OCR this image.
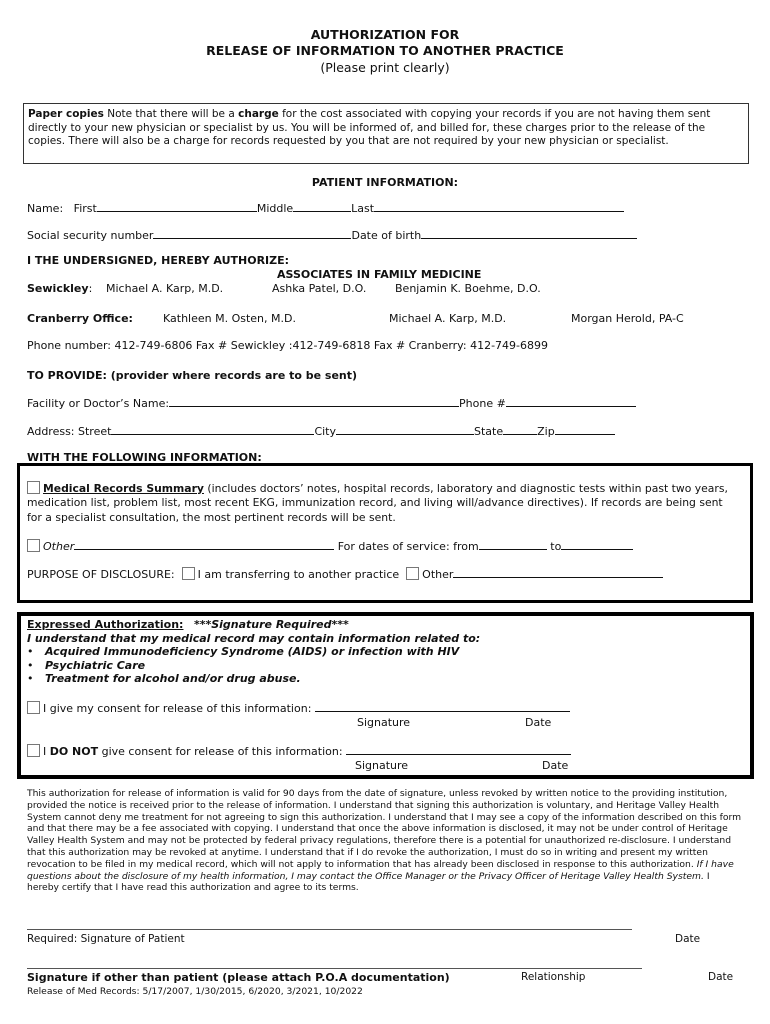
AUTHORIZATION FOR
RELEASE OF INFORMATION TO ANOTHER PRACTICE
(Please print clearly)
Paper copies Note that there will be a charge for the cost associated with copying your records if you are not having them sent directly to your new physician or specialist by us. You will be informed of, and billed for, these charges prior to the release of the copies. There will also be a charge for records requested by you that are not required by your new physician or specialist.
PATIENT INFORMATION:
Name: First	Middle	Last
Social security number	Date of birth
I THE UNDERSIGNED, HEREBY AUTHORIZE:
ASSOCIATES IN FAMILY MEDICINE
Sewickley: Michael A. Karp, M.D.	Ashka Patel, D.O.	Benjamin K. Boehme, D.O.
Cranberry Office:	Kathleen M. Osten, M.D.	Michael A. Karp, M.D.	Morgan Herold, PA-C
Phone number: 412-749-6806 Fax # Sewickley :412-749-6818 Fax # Cranberry: 412-749-6899
TO PROVIDE: (provider where records are to be sent)
Facility or Doctor’s Name:	Phone #
Address: Street	City	State	Zip
WITH THE FOLLOWING INFORMATION:
Medical Records Summary (includes doctors’ notes, hospital records, laboratory and diagnostic tests within past two years, medication list, problem list, most recent EKG, immunization record, and living will/advance directives). If records are being sent for a specialist consultation, the most pertinent records will be sent.
Other	For dates of service: from	to
PURPOSE OF DISCLOSURE: I am transferring to another practice Other
Expressed Authorization: ***Signature Required***
I understand that my medical record may contain information related to:
• Acquired Immunodeficiency Syndrome (AIDS) or infection with HIV
• Psychiatric Care
• Treatment for alcohol and/or drug abuse.
I give my consent for release of this information:
Signature	Date
I DO NOT give consent for release of this information:
Signature	Date
This authorization for release of information is valid for 90 days from the date of signature, unless revoked by written notice to the providing institution, provided the notice is received prior to the release of information. I understand that signing this authorization is voluntary, and Heritage Valley Health System cannot deny me treatment for not agreeing to sign this authorization. I understand that I may see a copy of the information described on this form and that there may be a fee associated with copying. I understand that once the above information is disclosed, it may not be under control of Heritage Valley Health System and may not be protected by federal privacy regulations, therefore there is a potential for unauthorized re-disclosure. I understand that this authorization may be revoked at anytime. I understand that if I do revoke the authorization, I must do so in writing and present my written revocation to be filed in my medical record, which will not apply to information that has already been disclosed in response to this authorization. If I have questions about the disclosure of my health information, I may contact the Office Manager or the Privacy Officer of Heritage Valley Health System. I hereby certify that I have read this authorization and agree to its terms.
Required: Signature of Patient	Date
Signature if other than patient (please attach P.O.A documentation)	Relationship	Date
Release of Med Records: 5/17/2007, 1/30/2015, 6/2020, 3/2021, 10/2022
